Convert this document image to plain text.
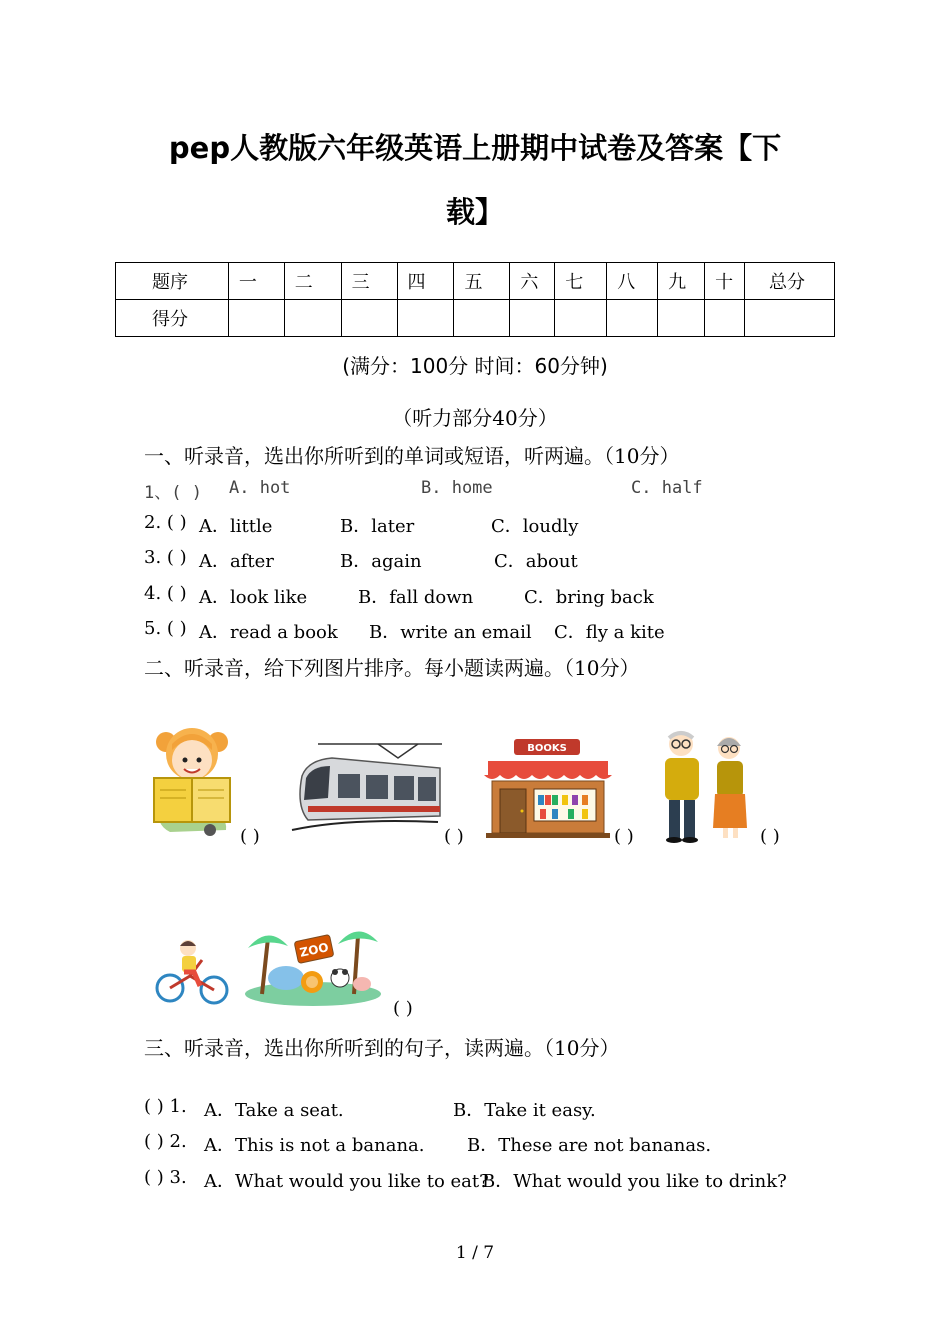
pep人教版六年级英语上册期中试卷及答案【下
载】
题序	一	二	三	四	五	六	七	八	九	十	总分
得分											
(满分：100分 时间：60分钟)
（听力部分40分）
一、听录音，选出你所听到的单词或短语，听两遍。（10分）
1、( ) A. hot	B. home	C. half
2. ( ) A．little	B．later	C．loudly
3. ( ) A．after	B．again	C．about
4. ( ) A．look like	B．fall down	C．bring back
5. ( ) A．read a book B．write an email C．fly a kite
二、听录音，给下列图片排序。每小题读两遍。（10分）
( )	( )
BOOKS
( )	( )
ZOO
( )
三、听录音，选出你所听到的句子，读两遍。（10分）
( ) 1. A．Take a seat.	B．Take it easy.
( ) 2. A．This is not a banana. B．These are not bananas.
( ) 3. A．What would you like to eat?
B．What would you like to drink?
1 / 7
